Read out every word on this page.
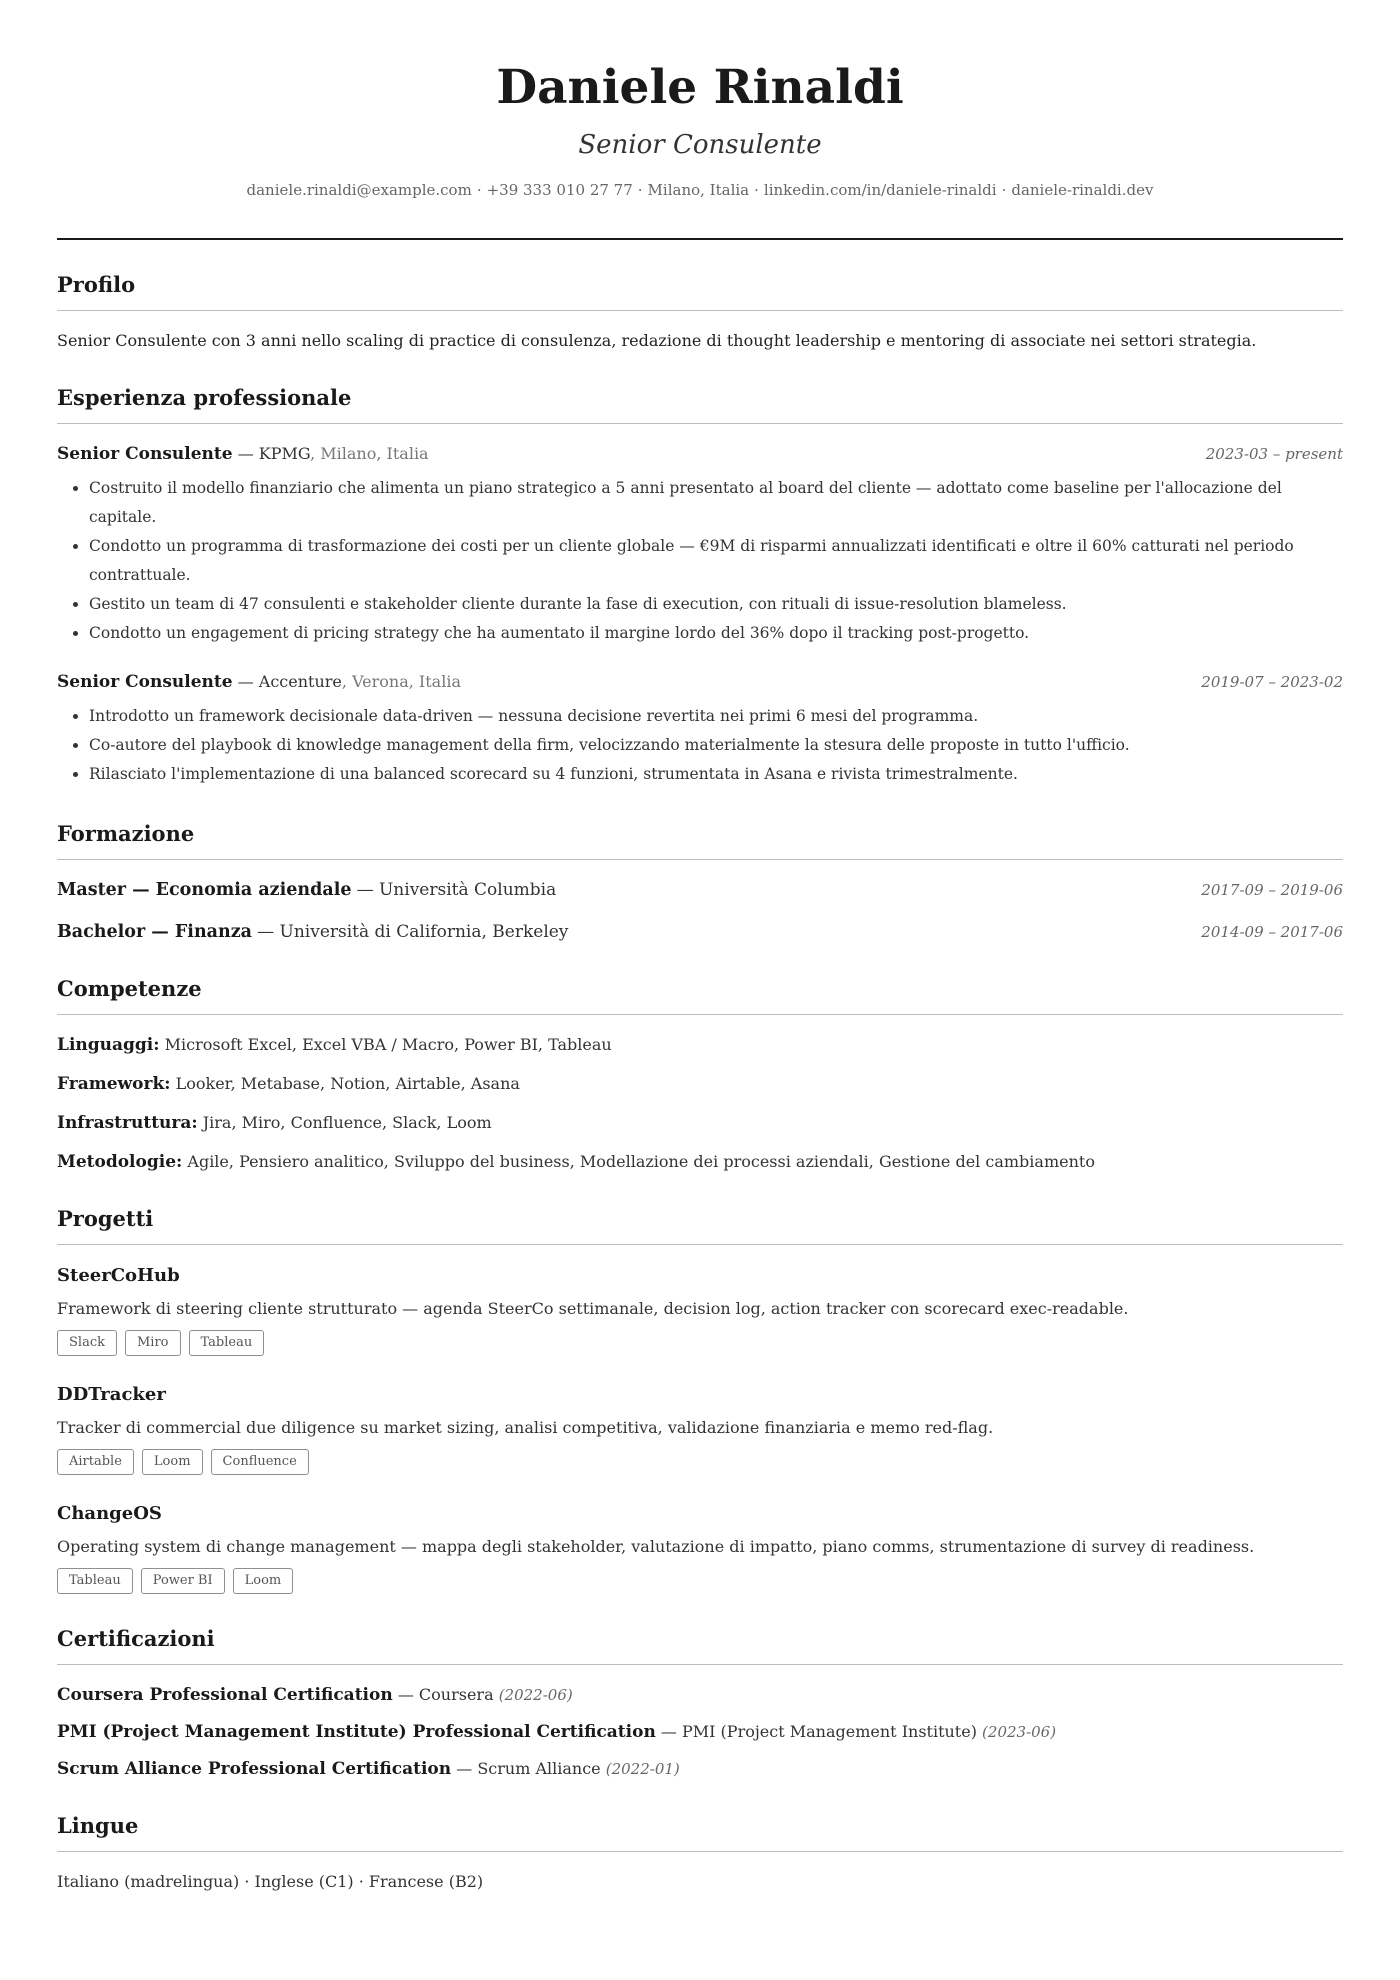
Daniele Rinaldi
Senior Consulente
daniele.rinaldi@example.com · +39 333 010 27 77 · Milano, Italia · linkedin.com/in/daniele-rinaldi · daniele-rinaldi.dev
Profilo

Senior Consulente con 3 anni nello scaling di practice di consulenza, redazione di thought leadership e mentoring di associate nei settori strategia.

Esperienza professionale
Senior Consulente — KPMG, Milano, Italia	2023-03 – present
• Costruito il modello finanziario che alimenta un piano strategico a 5 anni presentato al board del cliente — adottato come baseline per l'allocazione del capitale.
• Condotto un programma di trasformazione dei costi per un cliente globale — €9M di risparmi annualizzati identificati e oltre il 60% catturati nel periodo contrattuale.
• Gestito un team di 47 consulenti e stakeholder cliente durante la fase di execution, con rituali di issue-resolution blameless.
• Condotto un engagement di pricing strategy che ha aumentato il margine lordo del 36% dopo il tracking post-progetto.
Senior Consulente — Accenture, Verona, Italia	2019-07 – 2023-02
• Introdotto un framework decisionale data-driven — nessuna decisione revertita nei primi 6 mesi del programma.
• Co-autore del playbook di knowledge management della firm, velocizzando materialmente la stesura delle proposte in tutto l'ufficio.
• Rilasciato l'implementazione di una balanced scorecard su 4 funzioni, strumentata in Asana e rivista trimestralmente.
Formazione
Master — Economia aziendale — Università Columbia	2017-09 – 2019-06
Bachelor — Finanza — Università di California, Berkeley	2014-09 – 2017-06
Competenze
Linguaggi: Microsoft Excel, Excel VBA / Macro, Power BI, Tableau
Framework: Looker, Metabase, Notion, Airtable, Asana
Infrastruttura: Jira, Miro, Confluence, Slack, Loom
Metodologie: Agile, Pensiero analitico, Sviluppo del business, Modellazione dei processi aziendali, Gestione del cambiamento
Progetti
SteerCoHub
Framework di steering cliente strutturato — agenda SteerCo settimanale, decision log, action tracker con scorecard exec-readable.
Slack	Miro	Tableau
DDTracker
Tracker di commercial due diligence su market sizing, analisi competitiva, validazione finanziaria e memo red-flag.
Airtable	Loom	Confluence
ChangeOS
Operating system di change management — mappa degli stakeholder, valutazione di impatto, piano comms, strumentazione di survey di readiness.
Tableau	Power BI	Loom
Certificazioni
Coursera Professional Certification — Coursera (2022-06)
PMI (Project Management Institute) Professional Certification — PMI (Project Management Institute) (2023-06)
Scrum Alliance Professional Certification — Scrum Alliance (2022-01)
Lingue

Italiano (madrelingua) · Inglese (C1) · Francese (B2)
